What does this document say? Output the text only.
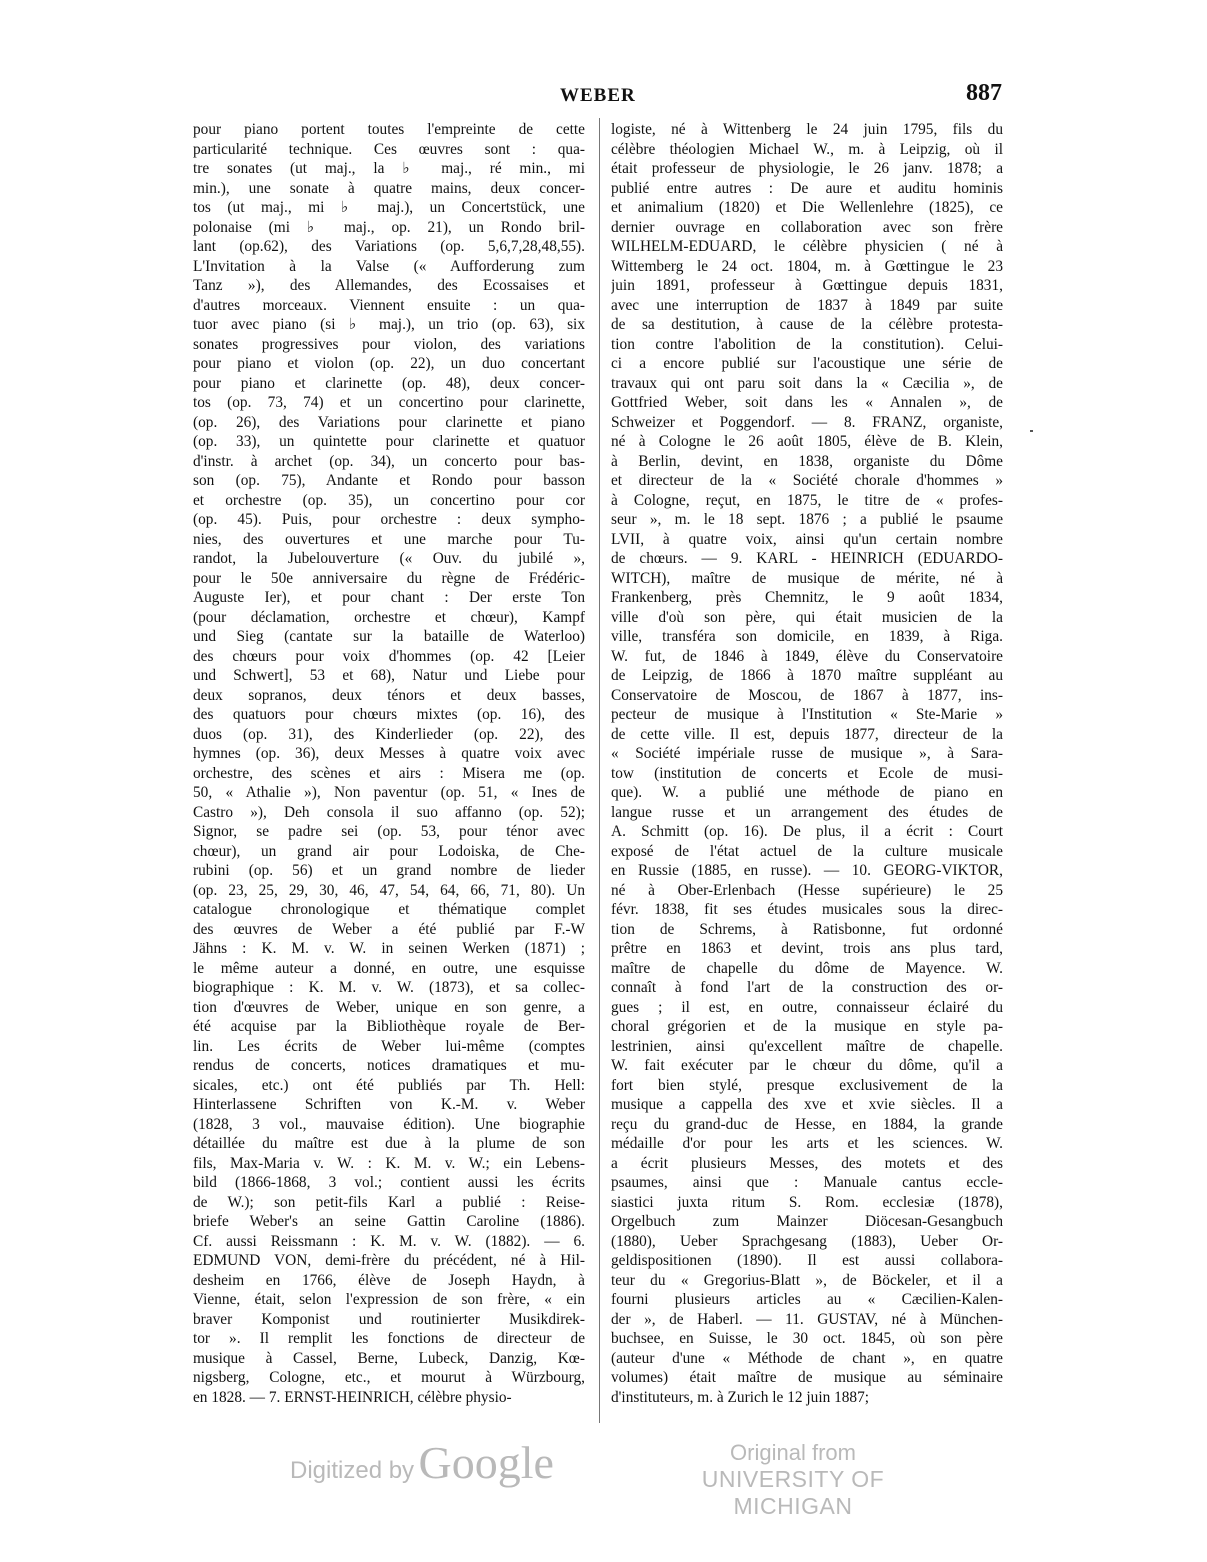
WEBER	887
pour piano portent toutes l'empreinte de cette
particularité technique. Ces œuvres sont : qua-
tre sonates (ut maj., la ♭ maj., ré min., mi
min.), une sonate à quatre mains, deux concer-
tos (ut maj., mi ♭ maj.), un Concertstück, une
polonaise (mi ♭ maj., op. 21), un Rondo bril-
lant (op.62), des Variations (op. 5,6,7,28,48,55).
L'Invitation à la Valse (« Aufforderung zum
Tanz »), des Allemandes, des Ecossaises et
d'autres morceaux. Viennent ensuite : un qua-
tuor avec piano (si ♭ maj.), un trio (op. 63), six
sonates progressives pour violon, des variations
pour piano et violon (op. 22), un duo concertant
pour piano et clarinette (op. 48), deux concer-
tos (op. 73, 74) et un concertino pour clarinette,
(op. 26), des Variations pour clarinette et piano
(op. 33), un quintette pour clarinette et quatuor
d'instr. à archet (op. 34), un concerto pour bas-
son (op. 75), Andante et Rondo pour basson
et orchestre (op. 35), un concertino pour cor
(op. 45). Puis, pour orchestre : deux sympho-
nies, des ouvertures et une marche pour Tu-
randot, la Jubelouverture (« Ouv. du jubilé »,
pour le 50e anniversaire du règne de Frédéric-
Auguste Ier), et pour chant : Der erste Ton
(pour déclamation, orchestre et chœur), Kampf
und Sieg (cantate sur la bataille de Waterloo)
des chœurs pour voix d'hommes (op. 42 [Leier
und Schwert], 53 et 68), Natur und Liebe pour
deux sopranos, deux ténors et deux basses,
des quatuors pour chœurs mixtes (op. 16), des
duos (op. 31), des Kinderlieder (op. 22), des
hymnes (op. 36), deux Messes à quatre voix avec
orchestre, des scènes et airs : Misera me (op.
50, « Athalie »), Non paventur (op. 51, « Ines de
Castro »), Deh consola il suo affanno (op. 52);
Signor, se padre sei (op. 53, pour ténor avec
chœur), un grand air pour Lodoiska, de Che-
rubini (op. 56) et un grand nombre de lieder
(op. 23, 25, 29, 30, 46, 47, 54, 64, 66, 71, 80). Un
catalogue chronologique et thématique complet
des œuvres de Weber a été publié par F.-W
Jähns : K. M. v. W. in seinen Werken (1871) ;
le même auteur a donné, en outre, une esquisse
biographique : K. M. v. W. (1873), et sa collec-
tion d'œuvres de Weber, unique en son genre, a
été acquise par la Bibliothèque royale de Ber-
lin. Les écrits de Weber lui-même (comptes
rendus de concerts, notices dramatiques et mu-
sicales, etc.) ont été publiés par Th. Hell:
Hinterlassene Schriften von K.-M. v. Weber
(1828, 3 vol., mauvaise édition). Une biographie
détaillée du maître est due à la plume de son
fils, Max-Maria v. W. : K. M. v. W.; ein Lebens-
bild (1866-1868, 3 vol.; contient aussi les écrits
de W.); son petit-fils Karl a publié : Reise-
briefe Weber's an seine Gattin Caroline (1886).
Cf. aussi Reissmann : K. M. v. W. (1882). — 6.
EDMUND VON, demi-frère du précédent, né à Hil-
desheim en 1766, élève de Joseph Haydn, à
Vienne, était, selon l'expression de son frère, « ein
braver Komponist und routinierter Musikdirek-
tor ». Il remplit les fonctions de directeur de
musique à Cassel, Berne, Lubeck, Danzig, Kœ-
nigsberg, Cologne, etc., et mourut à Würzbourg,
en 1828. — 7. ERNST-HEINRICH, célèbre physio-
logiste, né à Wittenberg le 24 juin 1795, fils du
célèbre théologien Michael W., m. à Leipzig, où il
était professeur de physiologie, le 26 janv. 1878; a
publié entre autres : De aure et auditu hominis
et animalium (1820) et Die Wellenlehre (1825), ce
dernier ouvrage en collaboration avec son frère
WILHELM-EDUARD, le célèbre physicien ( né à
Wittemberg le 24 oct. 1804, m. à Gœttingue le 23
juin 1891, professeur à Gœttingue depuis 1831,
avec une interruption de 1837 à 1849 par suite
de sa destitution, à cause de la célèbre protesta-
tion contre l'abolition de la constitution). Celui-
ci a encore publié sur l'acoustique une série de
travaux qui ont paru soit dans la « Cæcilia », de
Gottfried Weber, soit dans les « Annalen », de
Schweizer et Poggendorf. — 8. FRANZ, organiste,
né à Cologne le 26 août 1805, élève de B. Klein,
à Berlin, devint, en 1838, organiste du Dôme
et directeur de la « Société chorale d'hommes »
à Cologne, reçut, en 1875, le titre de « profes-
seur », m. le 18 sept. 1876 ; a publié le psaume
LVII, à quatre voix, ainsi qu'un certain nombre
de chœurs. — 9. KARL - HEINRICH (EDUARDO-
WITCH), maître de musique de mérite, né à
Frankenberg, près Chemnitz, le 9 août 1834,
ville d'où son père, qui était musicien de la
ville, transféra son domicile, en 1839, à Riga.
W. fut, de 1846 à 1849, élève du Conservatoire
de Leipzig, de 1866 à 1870 maître suppléant au
Conservatoire de Moscou, de 1867 à 1877, ins-
pecteur de musique à l'Institution « Ste-Marie »
de cette ville. Il est, depuis 1877, directeur de la
« Société impériale russe de musique », à Sara-
tow (institution de concerts et Ecole de musi-
que). W. a publié une méthode de piano en
langue russe et un arrangement des études de
A. Schmitt (op. 16). De plus, il a écrit : Court
exposé de l'état actuel de la culture musicale
en Russie (1885, en russe). — 10. GEORG-VIKTOR,
né à Ober-Erlenbach (Hesse supérieure) le 25
févr. 1838, fit ses études musicales sous la direc-
tion de Schrems, à Ratisbonne, fut ordonné
prêtre en 1863 et devint, trois ans plus tard,
maître de chapelle du dôme de Mayence. W.
connaît à fond l'art de la construction des or-
gues ; il est, en outre, connaisseur éclairé du
choral grégorien et de la musique en style pa-
lestrinien, ainsi qu'excellent maître de chapelle.
W. fait exécuter par le chœur du dôme, qu'il a
fort bien stylé, presque exclusivement de la
musique a cappella des xve et xvie siècles. Il a
reçu du grand-duc de Hesse, en 1884, la grande
médaille d'or pour les arts et les sciences. W.
a écrit plusieurs Messes, des motets et des
psaumes, ainsi que : Manuale cantus eccle-
siastici juxta ritum S. Rom. ecclesiæ (1878),
Orgelbuch zum Mainzer Diöcesan-Gesangbuch
(1880), Ueber Sprachgesang (1883), Ueber Or-
geldispositionen (1890). Il est aussi collabora-
teur du « Gregorius-Blatt », de Böckeler, et il a
fourni plusieurs articles au « Cæcilien-Kalen-
der », de Haberl. — 11. GUSTAV, né à München-
buchsee, en Suisse, le 30 oct. 1845, où son père
(auteur d'une « Méthode de chant », en quatre
volumes) était maître de musique au séminaire
d'instituteurs, m. à Zurich le 12 juin 1887;
Digitized by Google	Original from
UNIVERSITY OF MICHIGAN
